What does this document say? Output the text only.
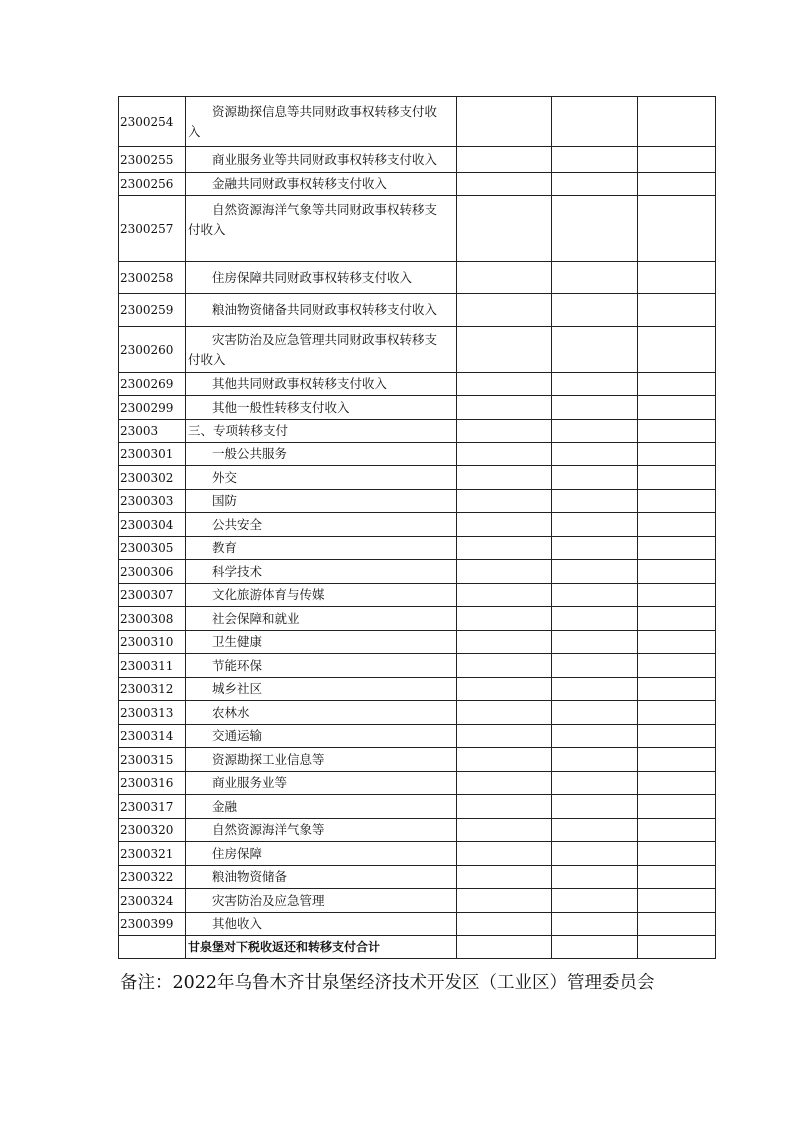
2300254	资源勘探信息等共同财政事权转移支付收
入			

2300255	商业服务业等共同财政事权转移支付收入			
2300256	金融共同财政事权转移支付收入			
2300257	自然资源海洋气象等共同财政事权转移支
付收入			

2300258	住房保障共同财政事权转移支付收入			
2300259	粮油物资储备共同财政事权转移支付收入			
2300260	灾害防治及应急管理共同财政事权转移支
付收入			

2300269	其他共同财政事权转移支付收入			
2300299	其他一般性转移支付收入			
23003	三、专项转移支付			
2300301	一般公共服务			
2300302	外交			
2300303	国防			
2300304	公共安全			
2300305	教育			
2300306	科学技术			
2300307	文化旅游体育与传媒			
2300308	社会保障和就业			
2300310	卫生健康			
2300311	节能环保			
2300312	城乡社区			
2300313	农林水			
2300314	交通运输			
2300315	资源勘探工业信息等			
2300316	商业服务业等			
2300317	金融			
2300320	自然资源海洋气象等			
2300321	住房保障			
2300322	粮油物资储备			
2300324	灾害防治及应急管理			
2300399	其他收入			
	甘泉堡对下税收返还和转移支付合计			
备注：2022年乌鲁木齐甘泉堡经济技术开发区（工业区）管理委员会
